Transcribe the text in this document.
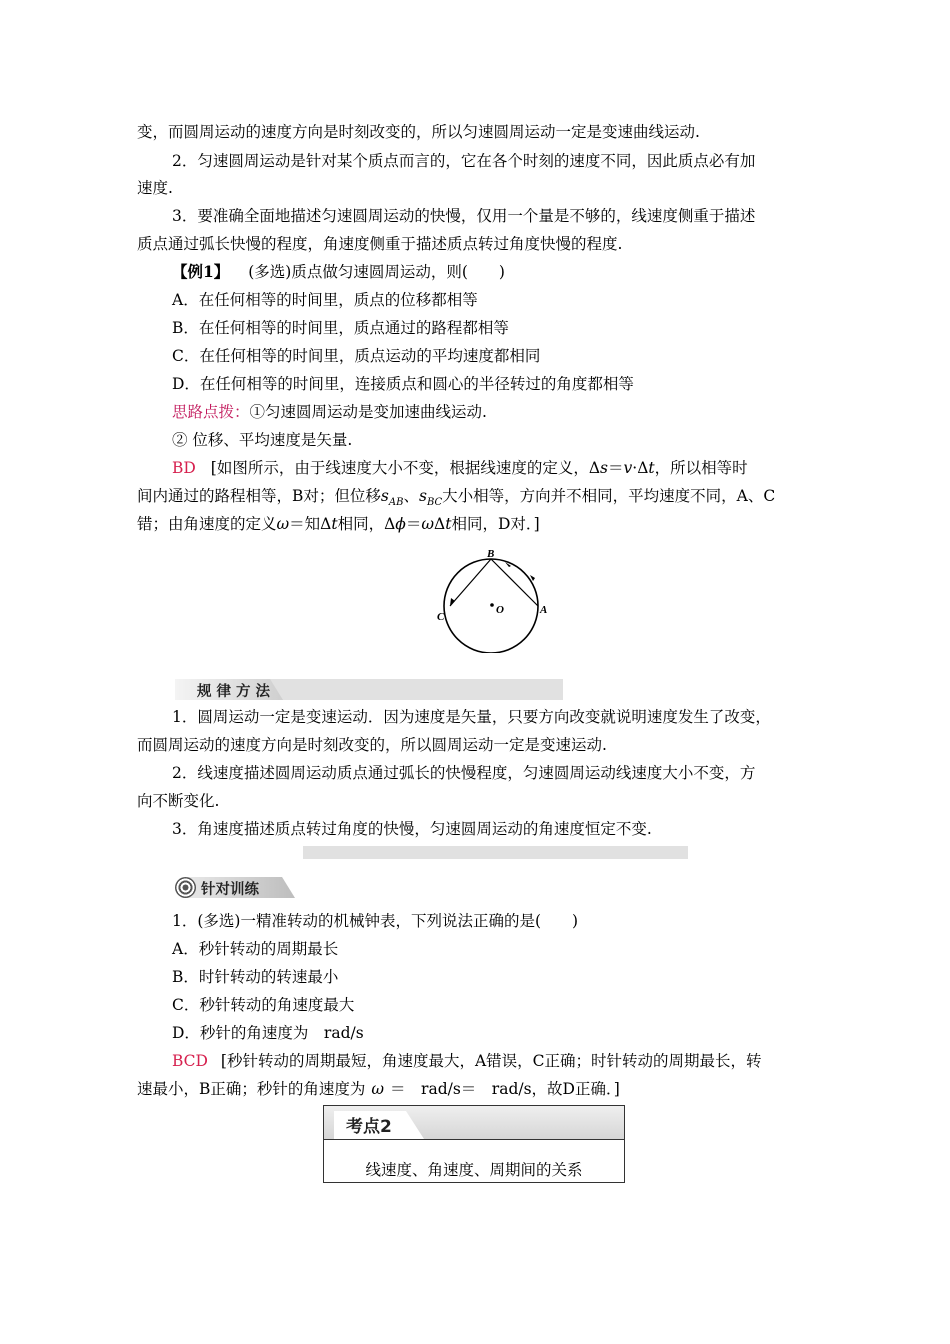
变，而圆周运动的速度方向是时刻改变的，所以匀速圆周运动一定是变速曲线运动.
2．匀速圆周运动是针对某个质点而言的，它在各个时刻的速度不同，因此质点必有加
速度.
3．要准确全面地描述匀速圆周运动的快慢，仅用一个量是不够的，线速度侧重于描述
质点通过弧长快慢的程度，角速度侧重于描述质点转过角度快慢的程度.
【例1】 (多选)质点做匀速圆周运动，则(　　)
A．在任何相等的时间里，质点的位移都相等
B．在任何相等的时间里，质点通过的路程都相等
C．在任何相等的时间里，质点运动的平均速度都相同
D．在任何相等的时间里，连接质点和圆心的半径转过的角度都相等
思路点拨：①匀速圆周运动是变加速曲线运动.
② 位移、平均速度是矢量.
BD [如图所示，由于线速度大小不变，根据线速度的定义，Δs＝v·Δt，所以相等时
间内通过的路程相等，B对；但位移$s_{AB}$、$s_{BC}$大小相等，方向并不相同，平均速度不同，A、C
错；由角速度的定义ω＝知Δt相同，Δϕ＝ωΔt相同，D对．]
B
C
A
O
规律方法
1．圆周运动一定是变速运动．因为速度是矢量，只要方向改变就说明速度发生了改变，
而圆周运动的速度方向是时刻改变的，所以圆周运动一定是变速运动.
2．线速度描述圆周运动质点通过弧长的快慢程度，匀速圆周运动线速度大小不变，方
向不断变化.
3．角速度描述质点转过角度的快慢，匀速圆周运动的角速度恒定不变.
针对训练
1．(多选)一精准转动的机械钟表，下列说法正确的是(　　)
A．秒针转动的周期最长
B．时针转动的转速最小
C．秒针转动的角速度最大
D．秒针的角速度为　rad/s
BCD [秒针转动的周期最短，角速度最大，A错误，C正确；时针转动的周期最长，转
速最小，B正确；秒针的角速度为 ω ＝　rad/s＝　rad/s，故D正确．]
考点2
线速度、角速度、周期间的关系
